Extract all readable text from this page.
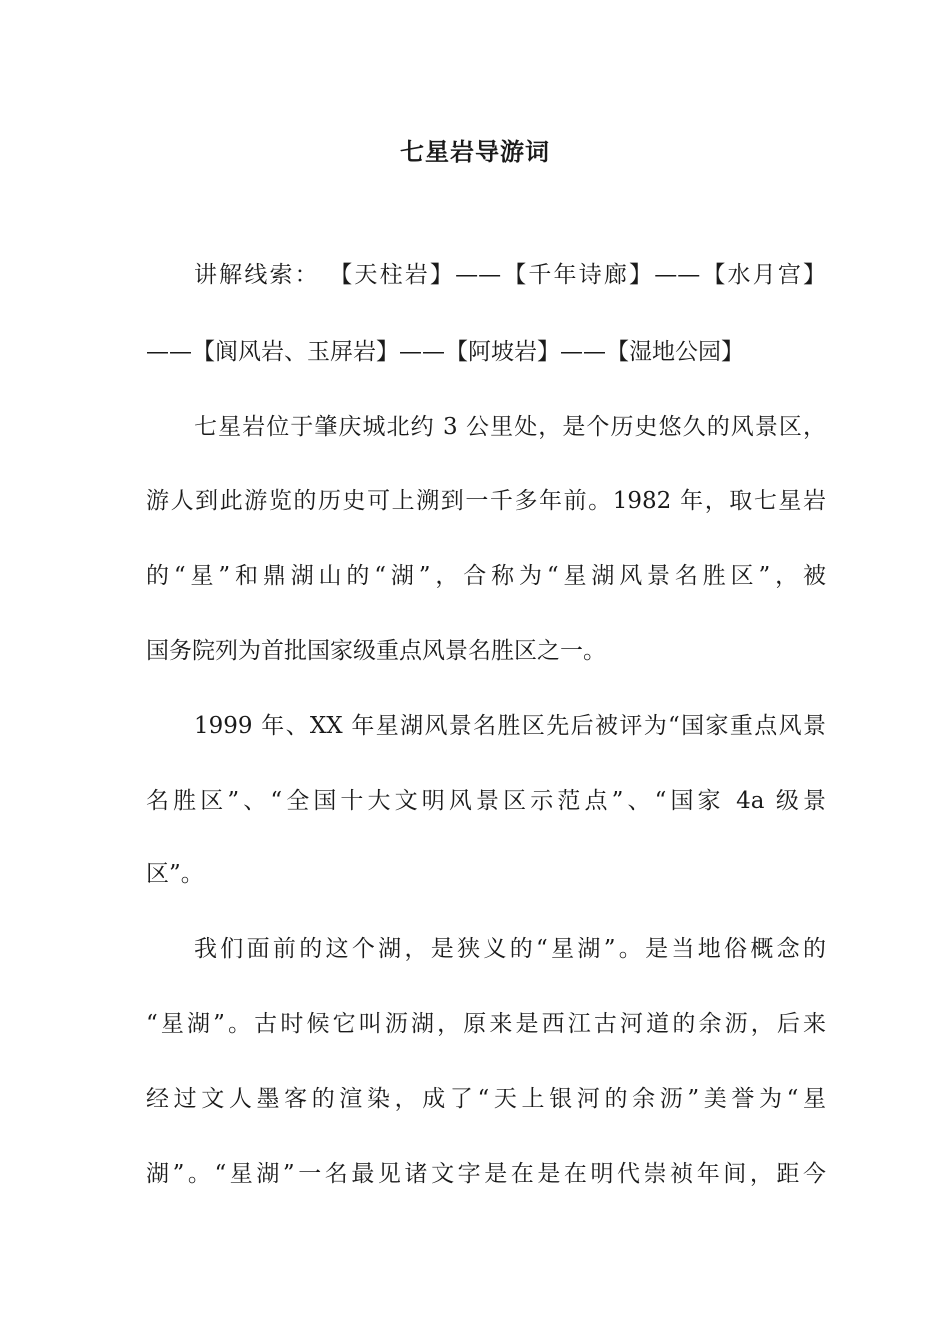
七星岩导游词
讲解线索： 【天柱岩】——【千年诗廊】——【水月宫】
——【阆风岩、玉屏岩】——【阿坡岩】——【湿地公园】
七星岩位于肇庆城北约 3 公里处，是个历史悠久的风景区，
游人到此游览的历史可上溯到一千多年前。1982 年，取七星岩
的“星”和鼎湖山的“湖”，合称为“星湖风景名胜区”，被
国务院列为首批国家级重点风景名胜区之一。
1999 年、XX 年星湖风景名胜区先后被评为“国家重点风景
名胜区”、“全国十大文明风景区示范点”、“国家 4a 级景
区”。
我们面前的这个湖，是狭义的“星湖”。是当地俗概念的
“星湖”。古时候它叫沥湖，原来是西江古河道的余沥，后来
经过文人墨客的渲染，成了“天上银河的余沥”美誉为“星
湖”。“星湖”一名最见诸文字是在是在明代崇祯年间，距今
